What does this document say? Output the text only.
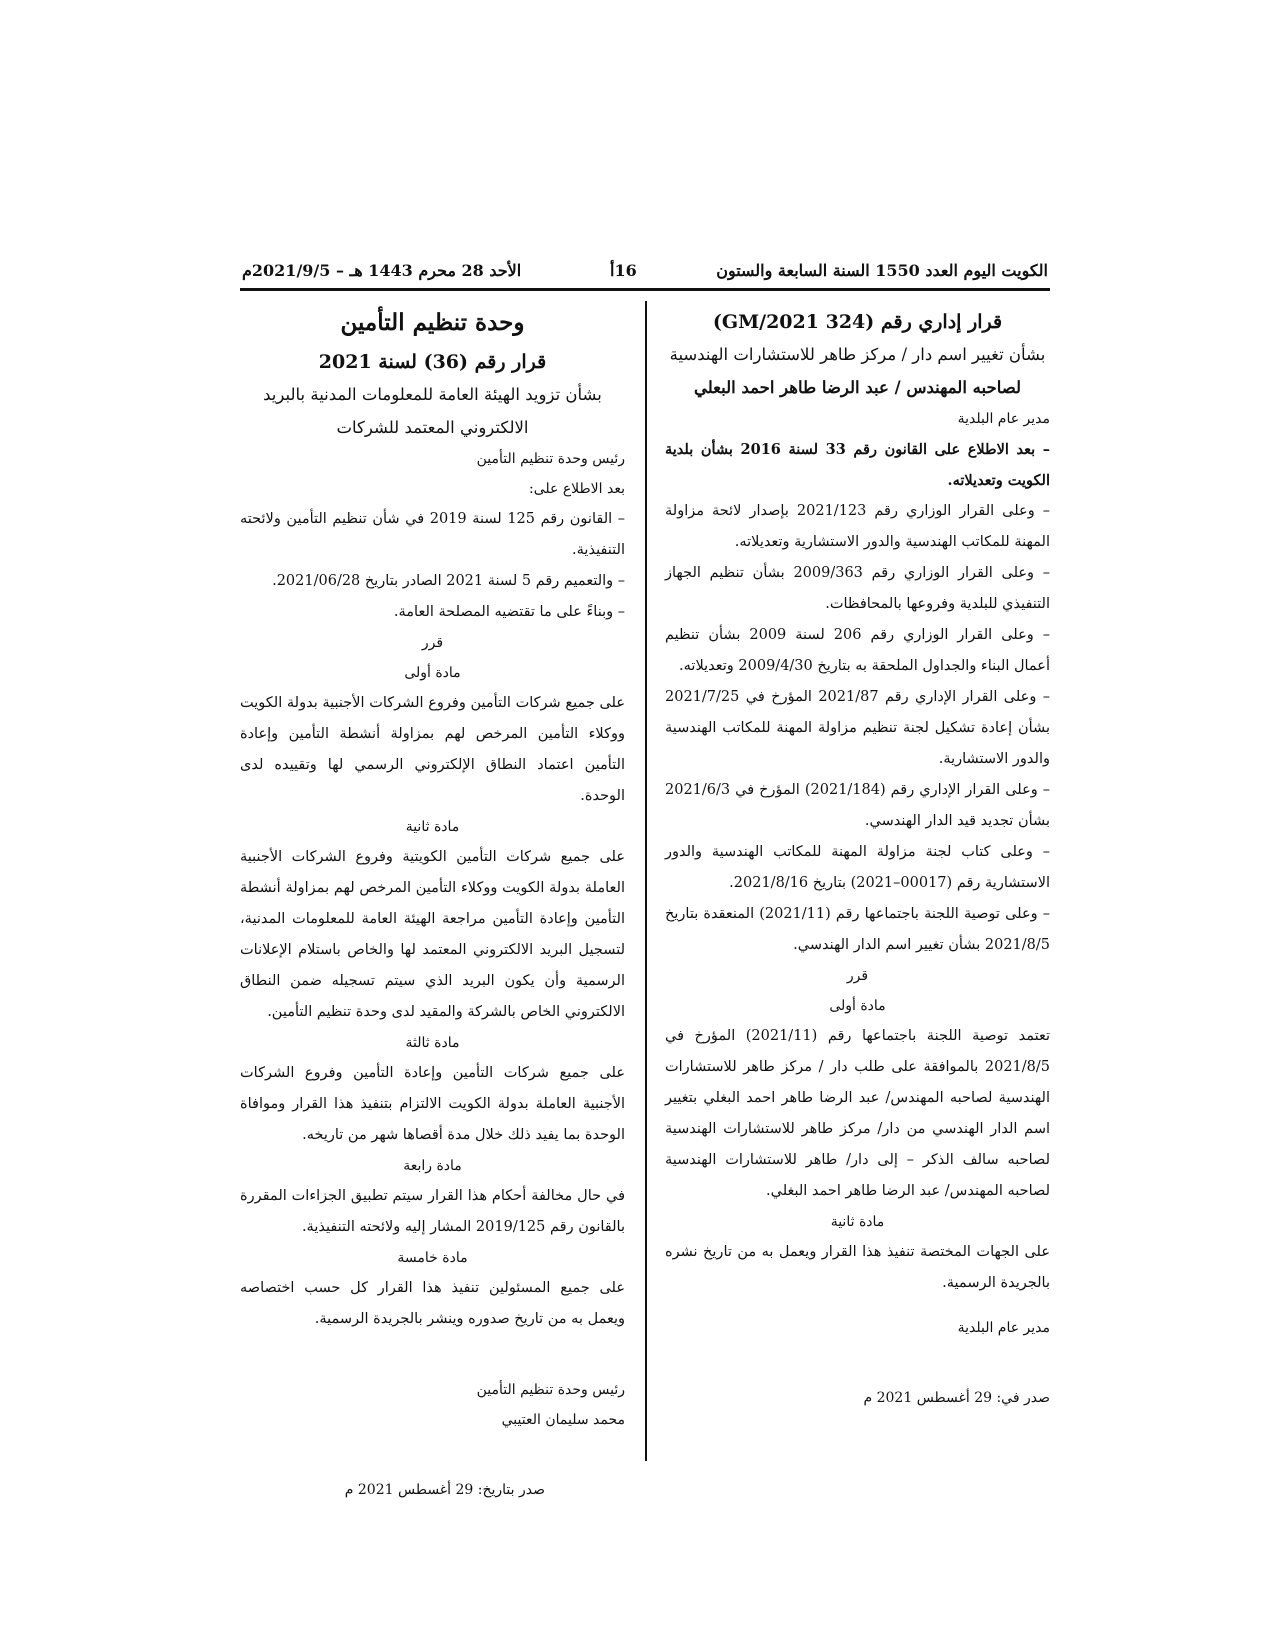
الكويت اليوم العدد 1550 السنة السابعة والستون
16أ
الأحد 28 محرم 1443 هـ – 2021/9/5م

قرار إداري رقم (324 GM/2021)

بشأن تغيير اسم دار / مركز طاهر للاستشارات الهندسية

لصاحبه المهندس / عبد الرضا طاهر احمد البعلي

مدير عام البلدية

– بعد الاطلاع على القانون رقم 33 لسنة 2016 بشأن بلدية الكويت وتعديلاته.

– وعلى القرار الوزاري رقم 2021/123 بإصدار لائحة مزاولة المهنة للمكاتب الهندسية والدور الاستشارية وتعديلاته.

– وعلى القرار الوزاري رقم 2009/363 بشأن تنظيم الجهاز التنفيذي للبلدية وفروعها بالمحافظات.

– وعلى القرار الوزاري رقم 206 لسنة 2009 بشأن تنظيم أعمال البناء والجداول الملحقة به بتاريخ 2009/4/30 وتعديلاته.

– وعلى القرار الإداري رقم 2021/87 المؤرخ في 2021/7/25 بشأن إعادة تشكيل لجنة تنظيم مزاولة المهنة للمكاتب الهندسية والدور الاستشارية.

– وعلى القرار الإداري رقم (2021/184) المؤرخ في 2021/6/3 بشأن تجديد قيد الدار الهندسي.

– وعلى كتاب لجنة مزاولة المهنة للمكاتب الهندسية والدور الاستشارية رقم (00017–2021) بتاريخ 2021/8/16.

– وعلى توصية اللجنة باجتماعها رقم (2021/11) المنعقدة بتاريخ 2021/8/5 بشأن تغيير اسم الدار الهندسي.

قرر

مادة أولى

تعتمد توصية اللجنة باجتماعها رقم (2021/11) المؤرخ في 2021/8/5 بالموافقة على طلب دار / مركز طاهر للاستشارات الهندسية لصاحبه المهندس/ عبد الرضا طاهر احمد البغلي بتغيير اسم الدار الهندسي من دار/ مركز طاهر للاستشارات الهندسية لصاحبه سالف الذكر – إلى دار/ طاهر للاستشارات الهندسية لصاحبه المهندس/ عبد الرضا طاهر احمد البغلي.

مادة ثانية

على الجهات المختصة تنفيذ هذا القرار ويعمل به من تاريخ نشره بالجريدة الرسمية.

مدير عام البلدية

صدر في: 29 أغسطس 2021 م

وحدة تنظيم التأمين

قرار رقم (36) لسنة 2021

بشأن تزويد الهيئة العامة للمعلومات المدنية بالبريد

الالكتروني المعتمد للشركات

رئيس وحدة تنظيم التأمين

بعد الاطلاع على:

– القانون رقم 125 لسنة 2019 في شأن تنظيم التأمين ولائحته التنفيذية.

– والتعميم رقم 5 لسنة 2021 الصادر بتاريخ 2021/06/28.

– وبناءً على ما تقتضيه المصلحة العامة.

قرر

مادة أولى

على جميع شركات التأمين وفروع الشركات الأجنبية بدولة الكويت ووكلاء التأمين المرخص لهم بمزاولة أنشطة التأمين وإعادة التأمين اعتماد النطاق الإلكتروني الرسمي لها وتقييده لدى الوحدة.

مادة ثانية

على جميع شركات التأمين الكويتية وفروع الشركات الأجنبية العاملة بدولة الكويت ووكلاء التأمين المرخص لهم بمزاولة أنشطة التأمين وإعادة التأمين مراجعة الهيئة العامة للمعلومات المدنية، لتسجيل البريد الالكتروني المعتمد لها والخاص باستلام الإعلانات الرسمية وأن يكون البريد الذي سيتم تسجيله ضمن النطاق الالكتروني الخاص بالشركة والمقيد لدى وحدة تنظيم التأمين.

مادة ثالثة

على جميع شركات التأمين وإعادة التأمين وفروع الشركات الأجنبية العاملة بدولة الكويت الالتزام بتنفيذ هذا القرار وموافاة الوحدة بما يفيد ذلك خلال مدة أقصاها شهر من تاريخه.

مادة رابعة

في حال مخالفة أحكام هذا القرار سيتم تطبيق الجزاءات المقررة بالقانون رقم 2019/125 المشار إليه ولائحته التنفيذية.

مادة خامسة

على جميع المسئولين تنفيذ هذا القرار كل حسب اختصاصه ويعمل به من تاريخ صدوره وينشر بالجريدة الرسمية.

رئيس وحدة تنظيم التأمين

محمد سليمان العتيبي

صدر بتاريخ: 29 أغسطس 2021 م
